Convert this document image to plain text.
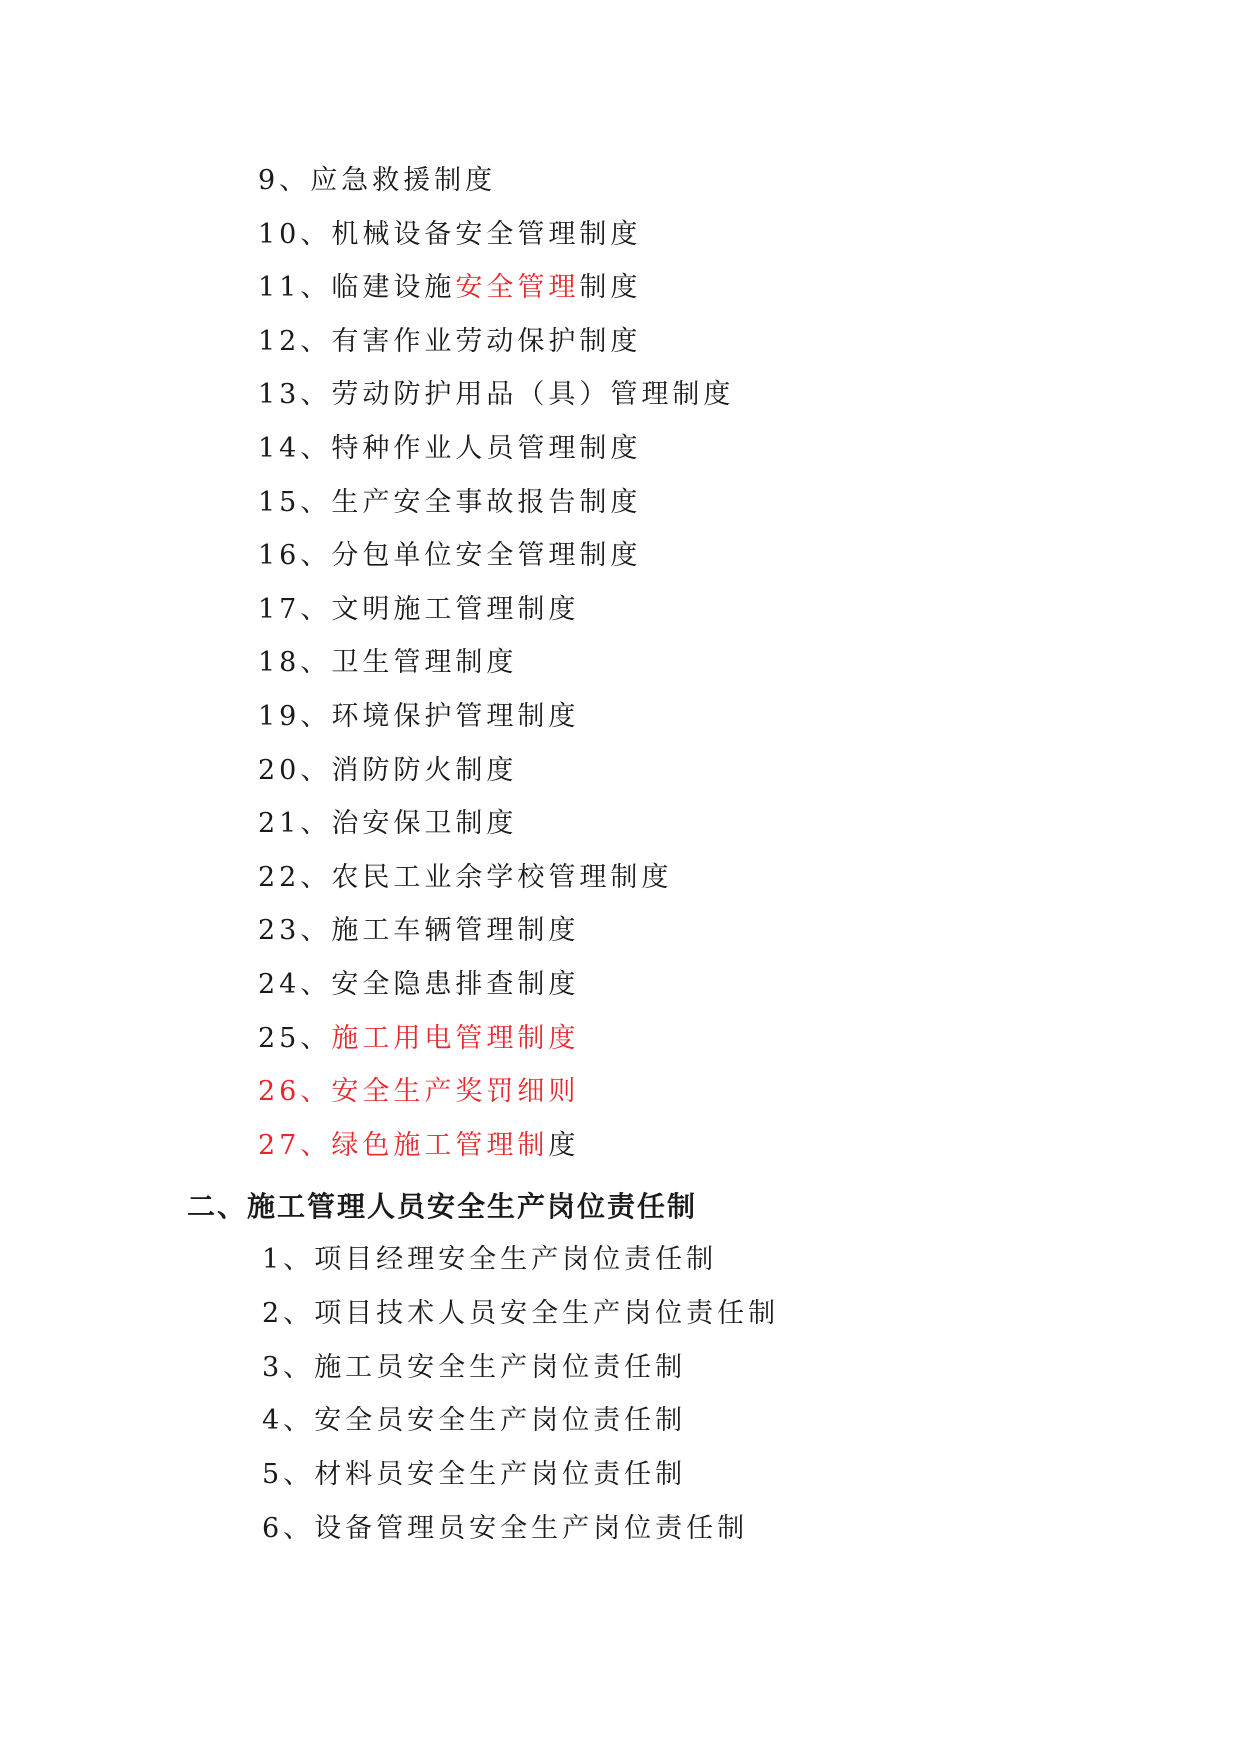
9、应急救援制度
10、机械设备安全管理制度
11、临建设施安全管理制度
12、有害作业劳动保护制度
13、劳动防护用品（具）管理制度
14、特种作业人员管理制度
15、生产安全事故报告制度
16、分包单位安全管理制度
17、文明施工管理制度
18、卫生管理制度
19、环境保护管理制度
20、消防防火制度
21、治安保卫制度
22、农民工业余学校管理制度
23、施工车辆管理制度
24、安全隐患排查制度
25、施工用电管理制度
26、安全生产奖罚细则
27、绿色施工管理制度
二、施工管理人员安全生产岗位责任制
1、项目经理安全生产岗位责任制
2、项目技术人员安全生产岗位责任制
3、施工员安全生产岗位责任制
4、安全员安全生产岗位责任制
5、材料员安全生产岗位责任制
6、设备管理员安全生产岗位责任制
